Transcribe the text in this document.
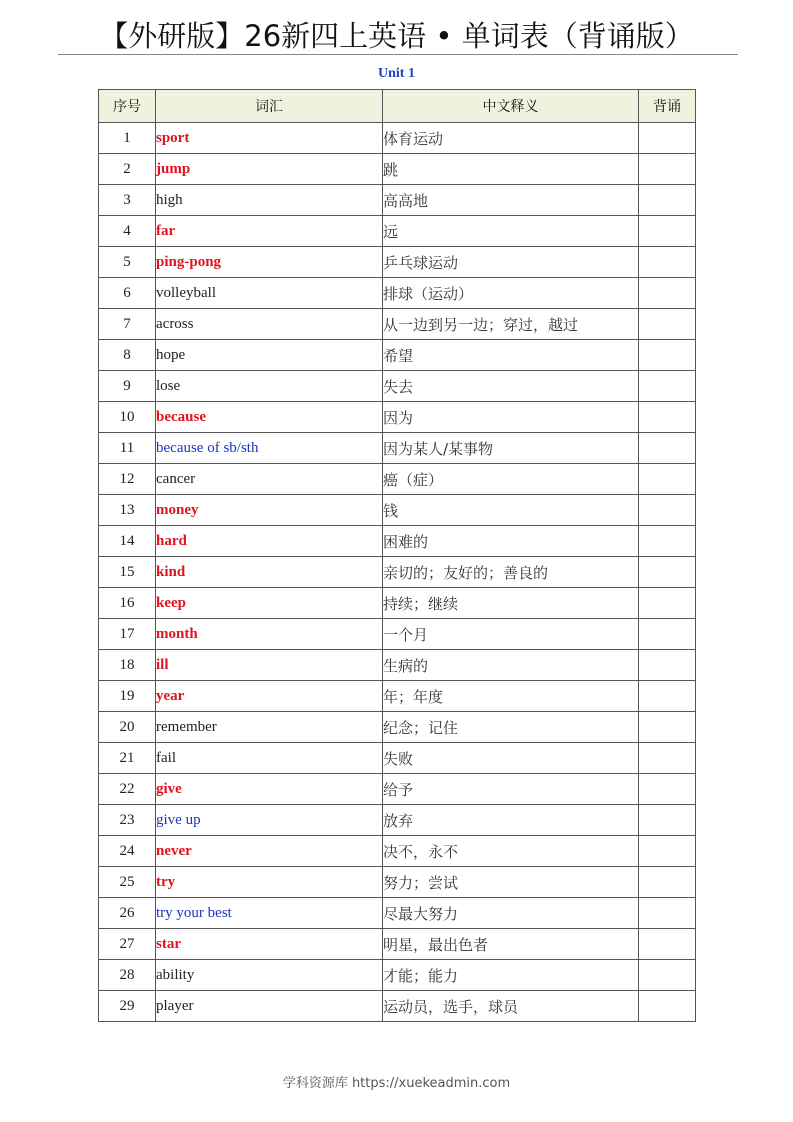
【外研版】26新四上英语 • 单词表（背诵版）
Unit 1
序号	词汇	中文释义	背诵
1	sport	体育运动	
2	jump	跳	
3	high	高高地	
4	far	远	
5	ping-pong	乒乓球运动	
6	volleyball	排球（运动）	
7	across	从一边到另一边；穿过，越过	
8	hope	希望	
9	lose	失去	
10	because	因为	
11	because of sb/sth	因为某人/某事物	
12	cancer	癌（症）	
13	money	钱	
14	hard	困难的	
15	kind	亲切的；友好的；善良的	
16	keep	持续；继续	
17	month	一个月	
18	ill	生病的	
19	year	年；年度	
20	remember	纪念；记住	
21	fail	失败	
22	give	给予	
23	give up	放弃	
24	never	决不，永不	
25	try	努力；尝试	
26	try your best	尽最大努力	
27	star	明星，最出色者	
28	ability	才能；能力	
29	player	运动员，选手，球员	
学科资源库 https://xuekeadmin.com
